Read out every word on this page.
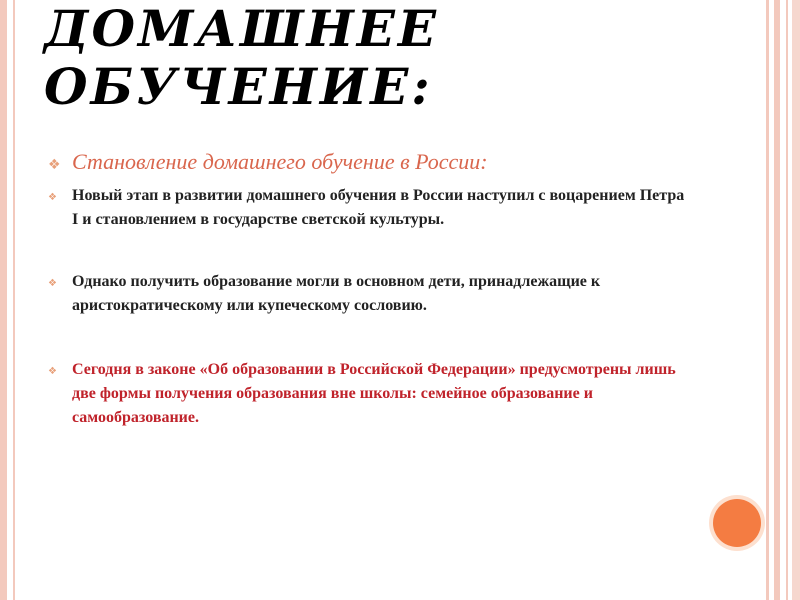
ДОМАШНЕЕ
ОБУЧЕНИЕ:
❖ Становление домашнего обучение в России:
❖ Новый этап в развитии домашнего обучения в России наступил с воцарением Петра I и становлением в государстве светской культуры.
❖ Однако получить образование могли в основном дети, принадлежащие к аристократическому или купеческому сословию.
❖ Сегодня в законе «Об образовании в Российской Федерации» предусмотрены лишь две формы получения образования вне школы: семейное образование и самообразование.
